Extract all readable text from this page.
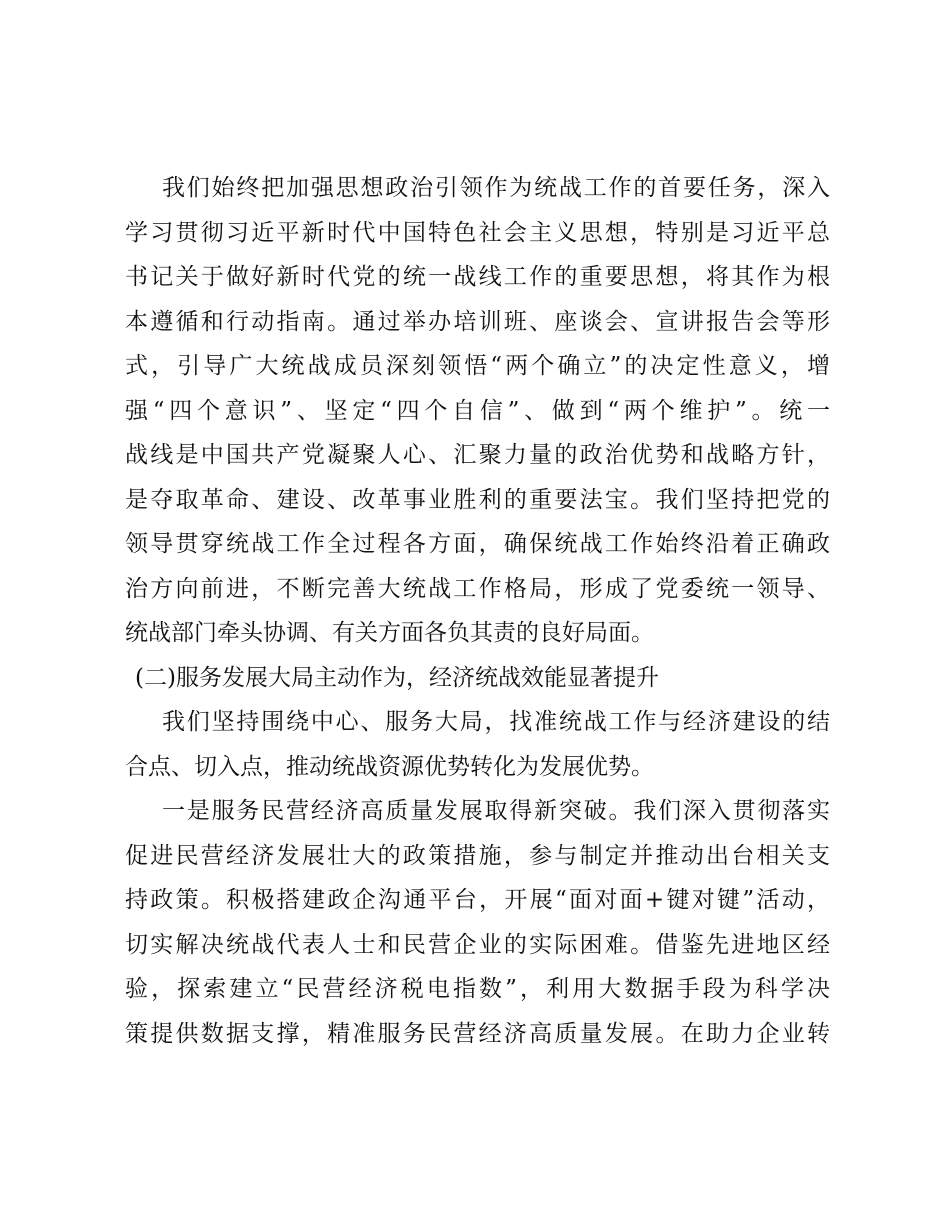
我们始终把加强思想政治引领作为统战工作的首要任务，深入
学习贯彻习近平新时代中国特色社会主义思想，特别是习近平总
书记关于做好新时代党的统一战线工作的重要思想，将其作为根
本遵循和行动指南。通过举办培训班、座谈会、宣讲报告会等形
式，引导广大统战成员深刻领悟“两个确立”的决定性意义，增
强“四个意识”、坚定“四个自信”、做到“两个维护”。统一
战线是中国共产党凝聚人心、汇聚力量的政治优势和战略方针，
是夺取革命、建设、改革事业胜利的重要法宝。我们坚持把党的
领导贯穿统战工作全过程各方面，确保统战工作始终沿着正确政
治方向前进，不断完善大统战工作格局，形成了党委统一领导、
统战部门牵头协调、有关方面各负其责的良好局面。
(二)服务发展大局主动作为，经济统战效能显著提升
我们坚持围绕中心、服务大局，找准统战工作与经济建设的结
合点、切入点，推动统战资源优势转化为发展优势。
一是服务民营经济高质量发展取得新突破。我们深入贯彻落实
促进民营经济发展壮大的政策措施，参与制定并推动出台相关支
持政策。积极搭建政企沟通平台，开展“面对面+键对键”活动，
切实解决统战代表人士和民营企业的实际困难。借鉴先进地区经
验，探索建立“民营经济税电指数”，利用大数据手段为科学决
策提供数据支撑，精准服务民营经济高质量发展。在助力企业转
